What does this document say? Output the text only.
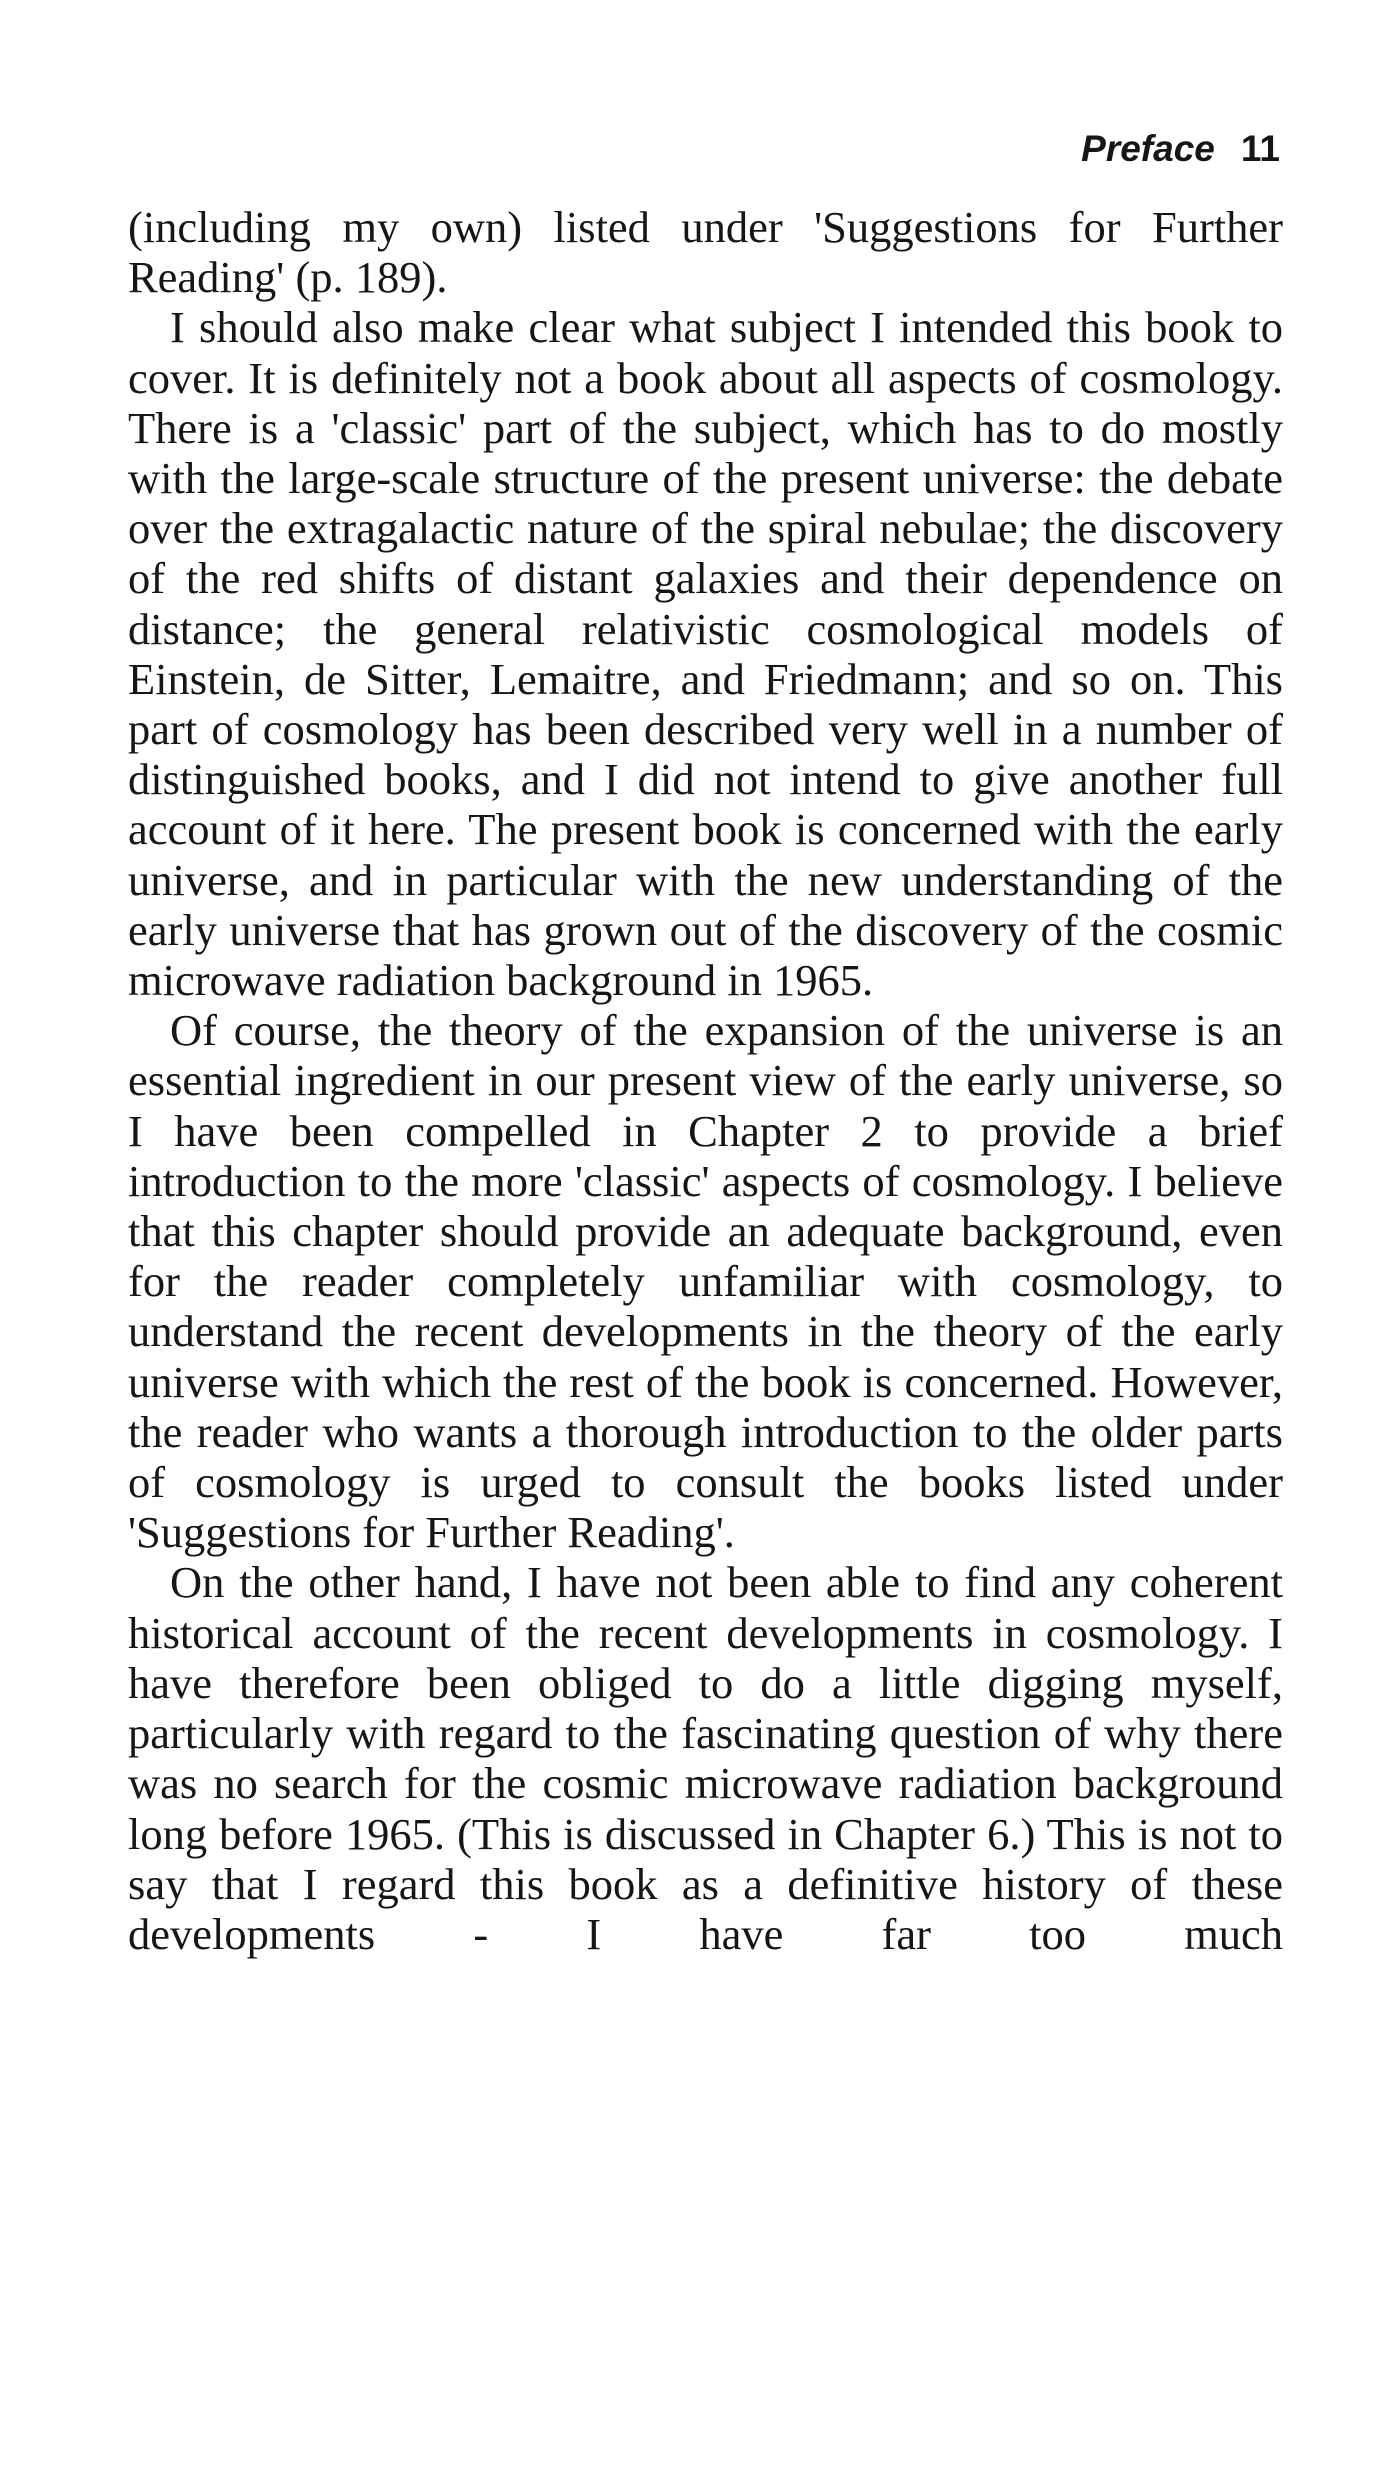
Preface 11

(including my own) listed under 'Suggestions for Further Reading' (p. 189).

I should also make clear what subject I intended this book to cover. It is definitely not a book about all aspects of cosmology. There is a 'classic' part of the subject, which has to do mostly with the large-scale structure of the present universe: the debate over the extragalactic nature of the spiral nebulae; the discovery of the red shifts of distant galaxies and their dependence on distance; the general relativistic cosmological models of Einstein, de Sitter, Lemaitre, and Friedmann; and so on. This part of cosmology has been described very well in a number of distinguished books, and I did not intend to give another full account of it here. The present book is concerned with the early universe, and in particular with the new understanding of the early universe that has grown out of the discovery of the cosmic microwave radiation background in 1965.

Of course, the theory of the expansion of the universe is an essential ingredient in our present view of the early universe, so I have been compelled in Chapter 2 to provide a brief introduction to the more 'classic' aspects of cosmology. I believe that this chapter should provide an adequate background, even for the reader completely unfamiliar with cosmology, to understand the recent developments in the theory of the early universe with which the rest of the book is concerned. However, the reader who wants a thorough introduction to the older parts of cosmology is urged to consult the books listed under 'Suggestions for Further Reading'.

On the other hand, I have not been able to find any coherent historical account of the recent developments in cosmology. I have therefore been obliged to do a little digging myself, particularly with regard to the fascinating question of why there was no search for the cosmic microwave radiation background long before 1965. (This is discussed in Chapter 6.) This is not to say that I regard this book as a definitive history of these developments - I have far too much
